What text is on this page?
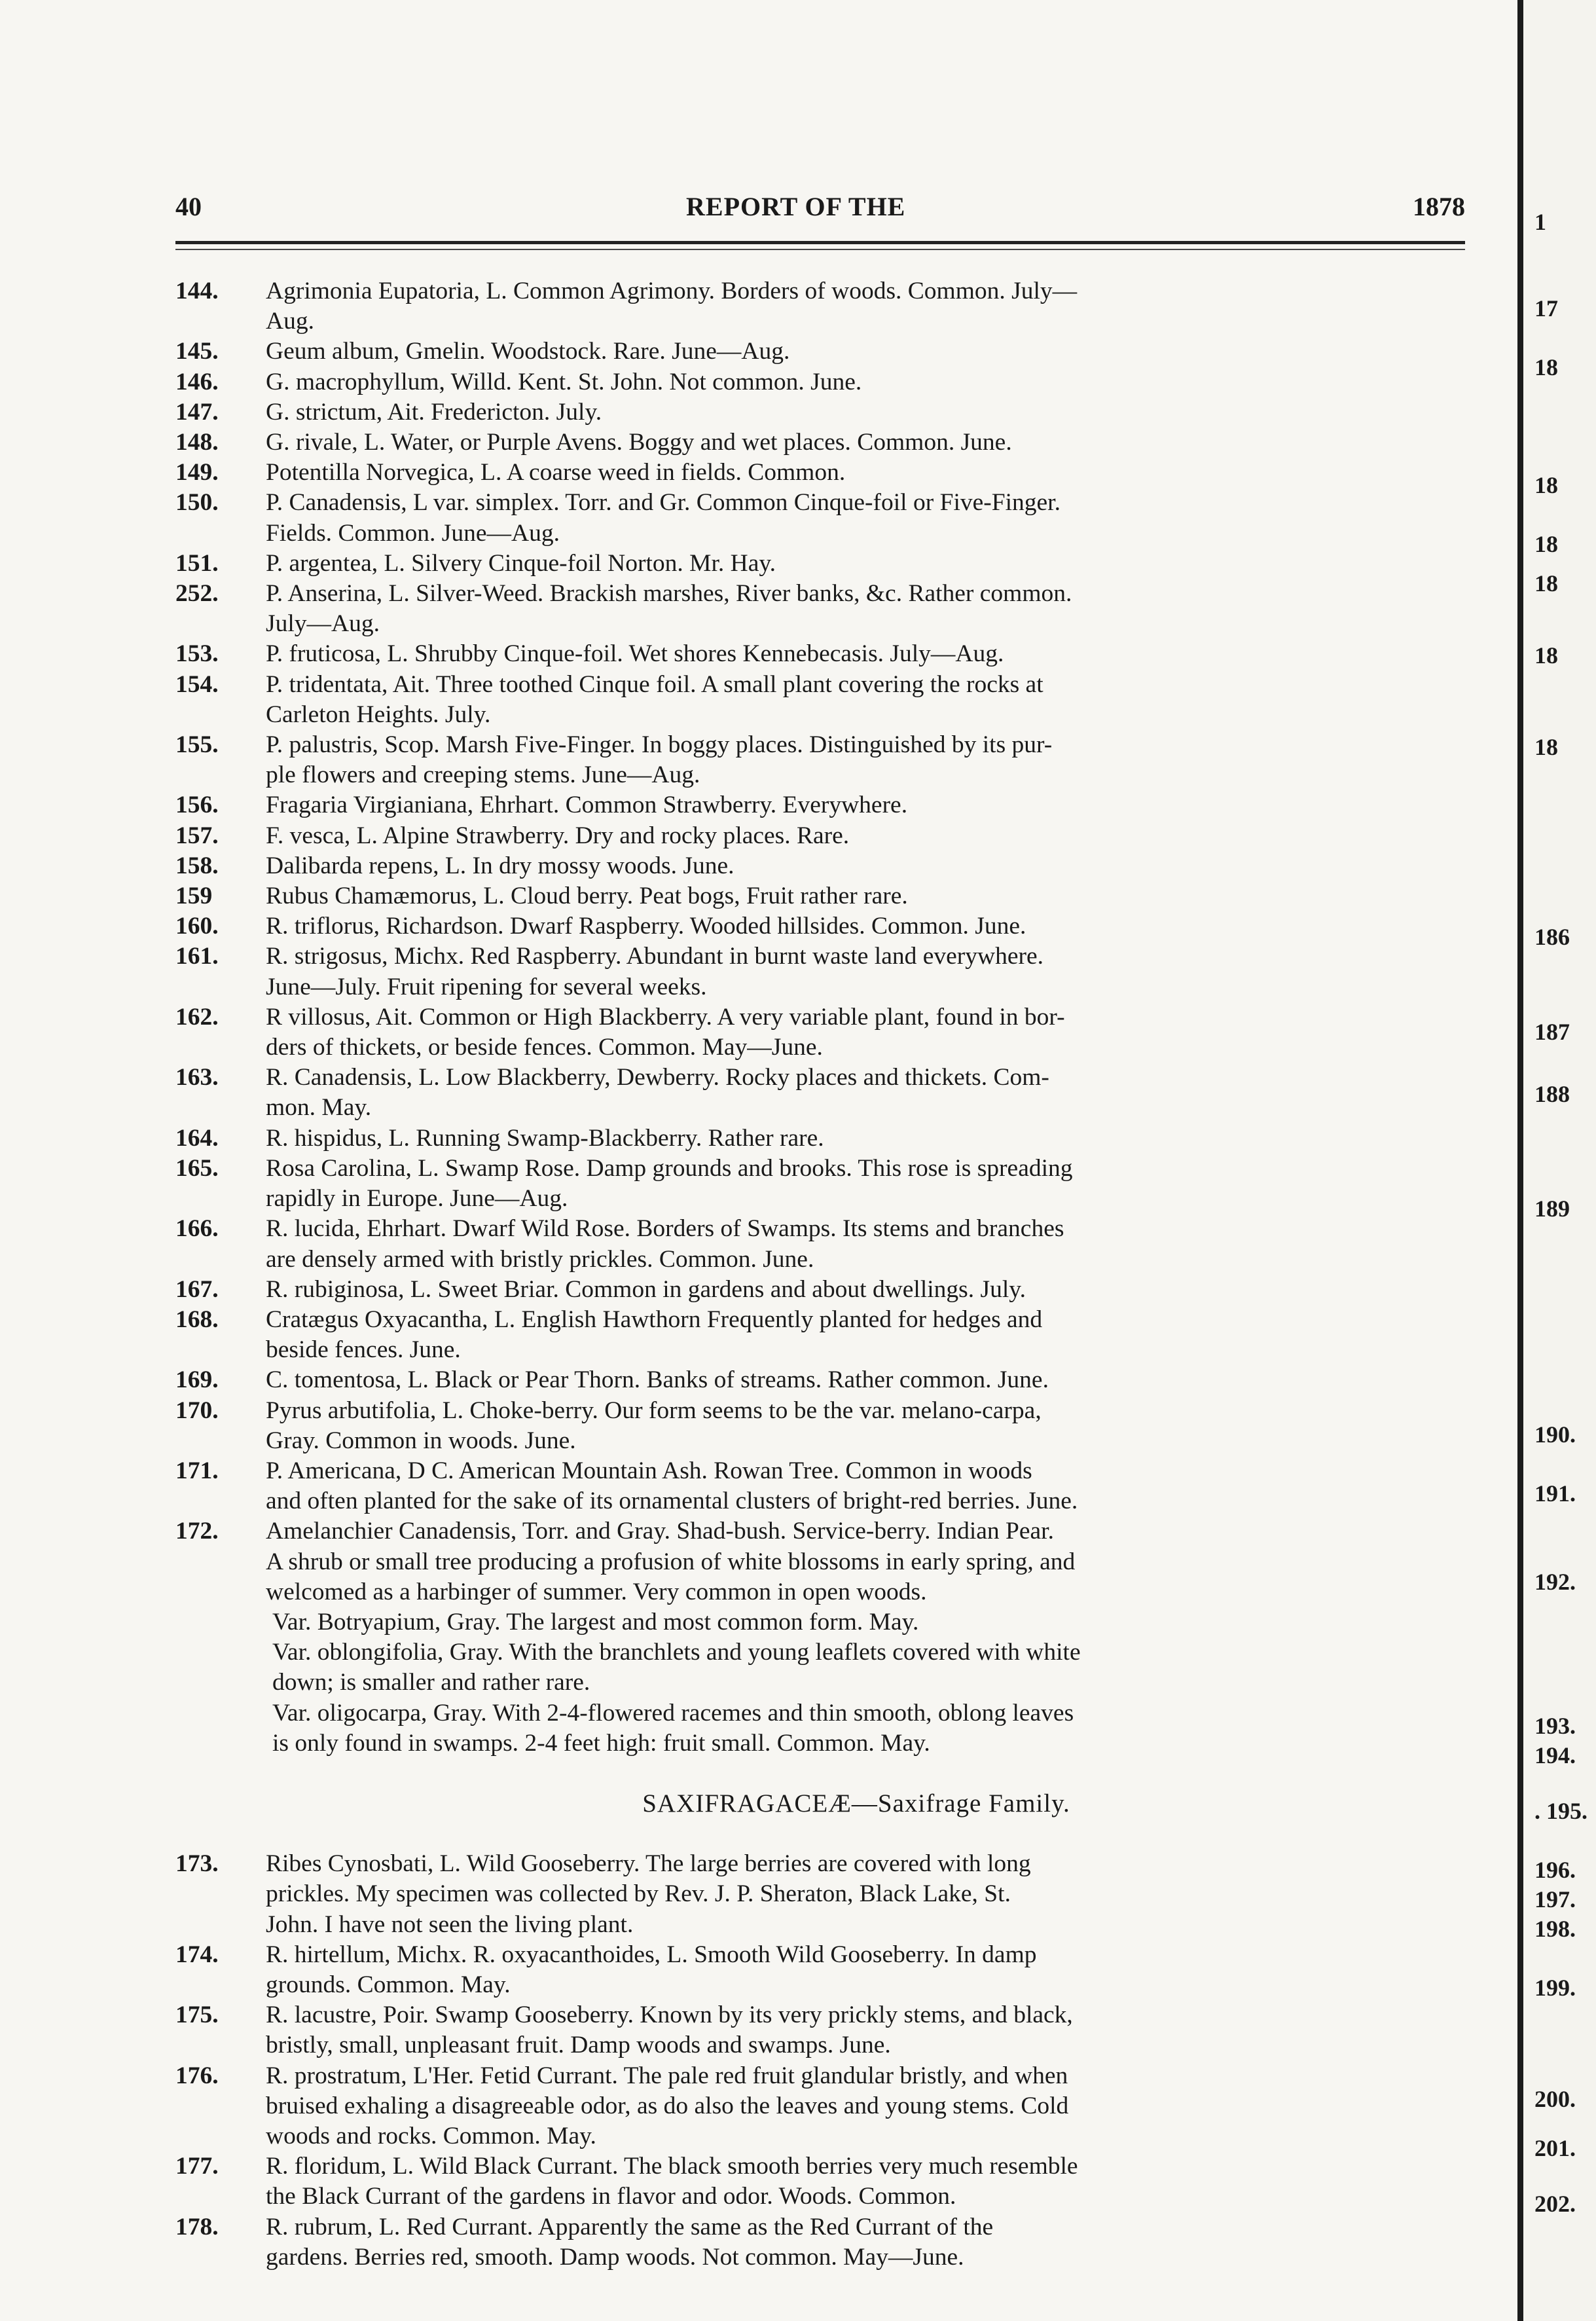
40	REPORT OF THE	1878
144. Agrimonia Eupatoria, L. Common Agrimony. Borders of woods. Common. July—
Aug.
145. Geum album, Gmelin. Woodstock. Rare. June—Aug.
146. G. macrophyllum, Willd. Kent. St. John. Not common. June.
147. G. strictum, Ait. Fredericton. July.
148. G. rivale, L. Water, or Purple Avens. Boggy and wet places. Common. June.
149. Potentilla Norvegica, L. A coarse weed in fields. Common.
150. P. Canadensis, L var. simplex. Torr. and Gr. Common Cinque-foil or Five-Finger.
Fields. Common. June—Aug.
151. P. argentea, L. Silvery Cinque-foil Norton. Mr. Hay.
252. P. Anserina, L. Silver-Weed. Brackish marshes, River banks, &c. Rather common.
July—Aug.
153. P. fruticosa, L. Shrubby Cinque-foil. Wet shores Kennebecasis. July—Aug.
154. P. tridentata, Ait. Three toothed Cinque foil. A small plant covering the rocks at
Carleton Heights. July.
155. P. palustris, Scop. Marsh Five-Finger. In boggy places. Distinguished by its pur-
ple flowers and creeping stems. June—Aug.
156. Fragaria Virgianiana, Ehrhart. Common Strawberry. Everywhere.
157. F. vesca, L. Alpine Strawberry. Dry and rocky places. Rare.
158. Dalibarda repens, L. In dry mossy woods. June.
159 Rubus Chamæmorus, L. Cloud berry. Peat bogs, Fruit rather rare.
160. R. triflorus, Richardson. Dwarf Raspberry. Wooded hillsides. Common. June.
161. R. strigosus, Michx. Red Raspberry. Abundant in burnt waste land everywhere.
June—July. Fruit ripening for several weeks.
162. R villosus, Ait. Common or High Blackberry. A very variable plant, found in bor-
ders of thickets, or beside fences. Common. May—June.
163. R. Canadensis, L. Low Blackberry, Dewberry. Rocky places and thickets. Com-
mon. May.
164. R. hispidus, L. Running Swamp-Blackberry. Rather rare.
165. Rosa Carolina, L. Swamp Rose. Damp grounds and brooks. This rose is spreading
rapidly in Europe. June—Aug.
166. R. lucida, Ehrhart. Dwarf Wild Rose. Borders of Swamps. Its stems and branches
are densely armed with bristly prickles. Common. June.
167. R. rubiginosa, L. Sweet Briar. Common in gardens and about dwellings. July.
168. Cratægus Oxyacantha, L. English Hawthorn Frequently planted for hedges and
beside fences. June.
169. C. tomentosa, L. Black or Pear Thorn. Banks of streams. Rather common. June.
170. Pyrus arbutifolia, L. Choke-berry. Our form seems to be the var. melano-carpa,
Gray. Common in woods. June.
171. P. Americana, D C. American Mountain Ash. Rowan Tree. Common in woods
and often planted for the sake of its ornamental clusters of bright-red berries. June.
172. Amelanchier Canadensis, Torr. and Gray. Shad-bush. Service-berry. Indian Pear.
A shrub or small tree producing a profusion of white blossoms in early spring, and
welcomed as a harbinger of summer. Very common in open woods.
Var. Botryapium, Gray. The largest and most common form. May.
Var. oblongifolia, Gray. With the branchlets and young leaflets covered with white
down; is smaller and rather rare.
Var. oligocarpa, Gray. With 2-4-flowered racemes and thin smooth, oblong leaves
is only found in swamps. 2-4 feet high: fruit small. Common. May.
SAXIFRAGACEÆ—Saxifrage Family.
173. Ribes Cynosbati, L. Wild Gooseberry. The large berries are covered with long
prickles. My specimen was collected by Rev. J. P. Sheraton, Black Lake, St.
John. I have not seen the living plant.
174. R. hirtellum, Michx. R. oxyacanthoides, L. Smooth Wild Gooseberry. In damp
grounds. Common. May.
175. R. lacustre, Poir. Swamp Gooseberry. Known by its very prickly stems, and black,
bristly, small, unpleasant fruit. Damp woods and swamps. June.
176. R. prostratum, L'Her. Fetid Currant. The pale red fruit glandular bristly, and when
bruised exhaling a disagreeable odor, as do also the leaves and young stems. Cold
woods and rocks. Common. May.
177. R. floridum, L. Wild Black Currant. The black smooth berries very much resemble
the Black Currant of the gardens in flavor and odor. Woods. Common.
178. R. rubrum, L. Red Currant. Apparently the same as the Red Currant of the
gardens. Berries red, smooth. Damp woods. Not common. May—June.
1
17
18
18
18
18
18
18
186
187
188
189
190.
191.
192.
193.
194.
. 195.
196.
197.
198.
199.
200.
201.
202.
